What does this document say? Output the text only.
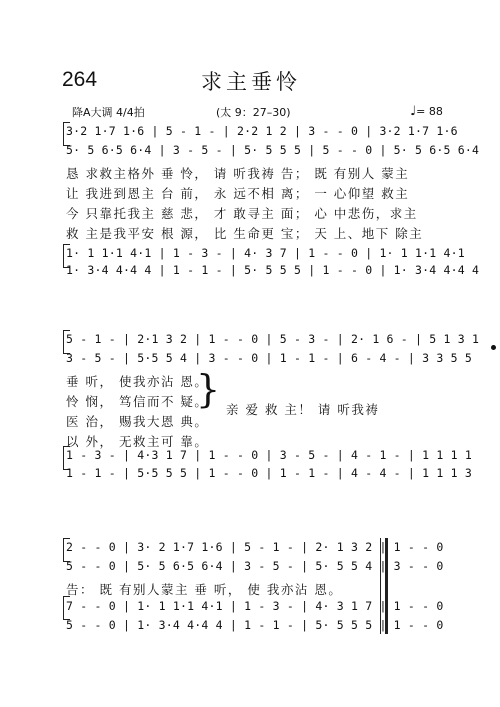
264	求主垂怜
降A大调 4/4拍	(太 9：27–30)	♩= 88
3·2 1·7 1·6 | 5 - 1 - | 2·2 1 2 | 3 - - 0 | 3·2 1·7 1·6
5· 5 6·5 6·4 | 3 - 5 - | 5· 5 5 5 | 5 - - 0 | 5· 5 6·5 6·4
恳 求救主格外 垂 怜， 请 听我祷 告； 既 有别人 蒙主
让 我进到恩主 台 前， 永 远不相 离； 一 心仰望 救主
今 只靠托我主 慈 悲， 才 敢寻主 面； 心 中悲伤，求主
救 主是我平安 根 源， 比 生命更 宝； 天 上、地下 除主
1· 1 1·1 4·1 | 1 - 3 - | 4· 3 7 | 1 - - 0 | 1· 1 1·1 4·1
1· 3·4 4·4 4 | 1 - 1 - | 5· 5 5 5 | 1 - - 0 | 1· 3·4 4·4 4
5 - 1 - | 2·1 3 2 | 1 - - 0 | 5 - 3 - | 2· 1 6 - | 5 1 3 1
3 - 5 - | 5·5 5 4 | 3 - - 0 | 1 - 1 - | 6 - 4 - | 3 3 5 5
垂 听， 使我亦沾 恩。
怜 悯， 笃信而不 疑。
医 治， 赐我大恩 典。
以 外， 无救主可 靠。
} 亲 爱 救 主！ 请 听我祷
1 - 3 - | 4·3 1 7 | 1 - - 0 | 3 - 5 - | 4 - 1 - | 1 1 1 1
1 - 1 - | 5·5 5 5 | 1 - - 0 | 1 - 1 - | 4 - 4 - | 1 1 1 3
2 - - 0 | 3· 2 1·7 1·6 | 5 - 1 - | 2· 1 3 2 | 1 - - 0
5 - - 0 | 5· 5 6·5 6·4 | 3 - 5 - | 5· 5 5 4 | 3 - - 0
告： 既 有别人蒙主 垂 听， 使 我亦沾 恩。
7 - - 0 | 1· 1 1·1 4·1 | 1 - 3 - | 4· 3 1 7 | 1 - - 0
5 - - 0 | 1· 3·4 4·4 4 | 1 - 1 - | 5· 5 5 5 | 1 - - 0
